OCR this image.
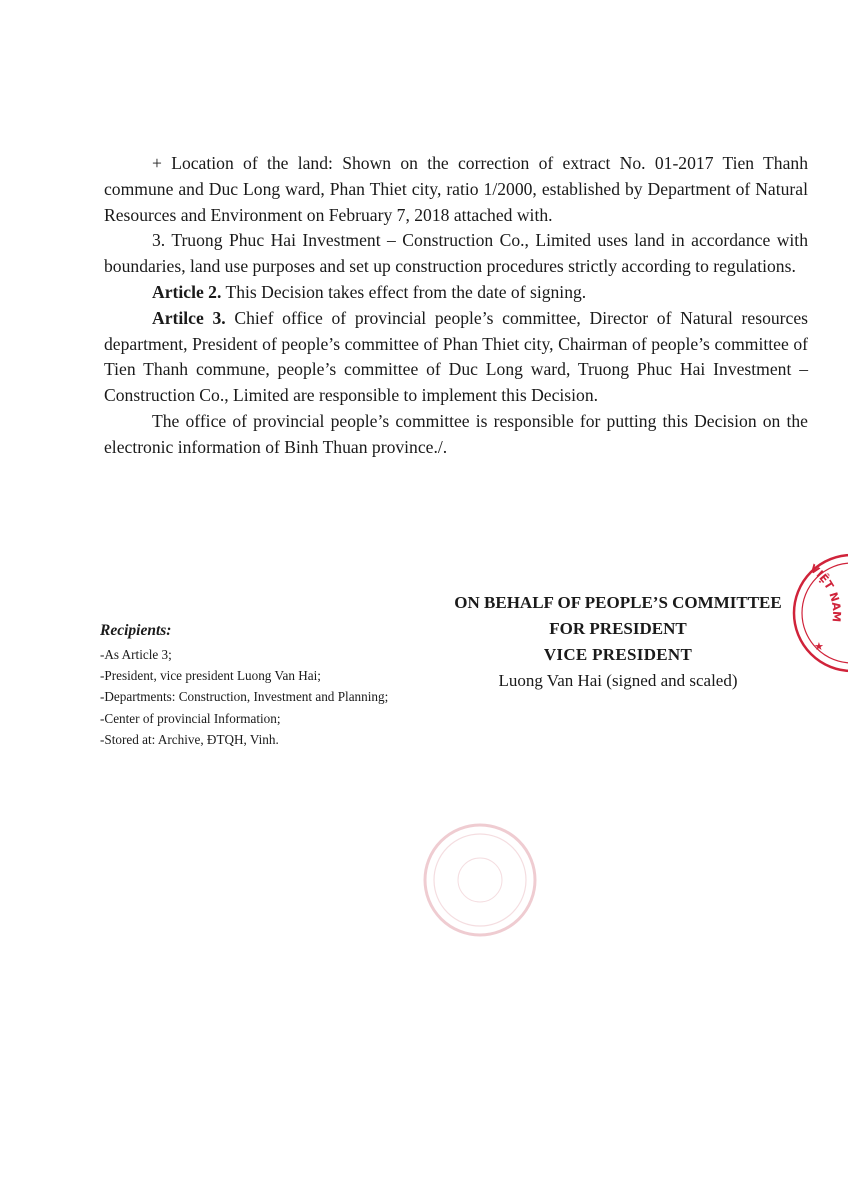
+ Location of the land: Shown on the correction of extract No. 01-2017 Tien Thanh commune and Duc Long ward, Phan Thiet city, ratio 1/2000, established by Department of Natural Resources and Environment on February 7, 2018 attached with.

3. Truong Phuc Hai Investment – Construction Co., Limited uses land in accordance with boundaries, land use purposes and set up construction procedures strictly according to regulations.

Article 2. This Decision takes effect from the date of signing.

Artilce 3. Chief office of provincial people’s committee, Director of Natural resources department, President of people’s committee of Phan Thiet city, Chairman of people’s committee of Tien Thanh commune, people’s committee of Duc Long ward, Truong Phuc Hai Investment – Construction Co., Limited are responsible to implement this Decision.

The office of provincial people’s committee is responsible for putting this Decision on the electronic information of Binh Thuan province./.

ON BEHALF OF PEOPLE’S COMMITTEE
FOR PRESIDENT
VICE PRESIDENT
Luong Van Hai (signed and scaled)
Recipients:
-As Article 3;
-President, vice president Luong Van Hai;
-Departments: Construction, Investment and Planning;
-Center of provincial Information;
-Stored at: Archive, ĐTQH, Vinh.
VIỆT NAM
★
